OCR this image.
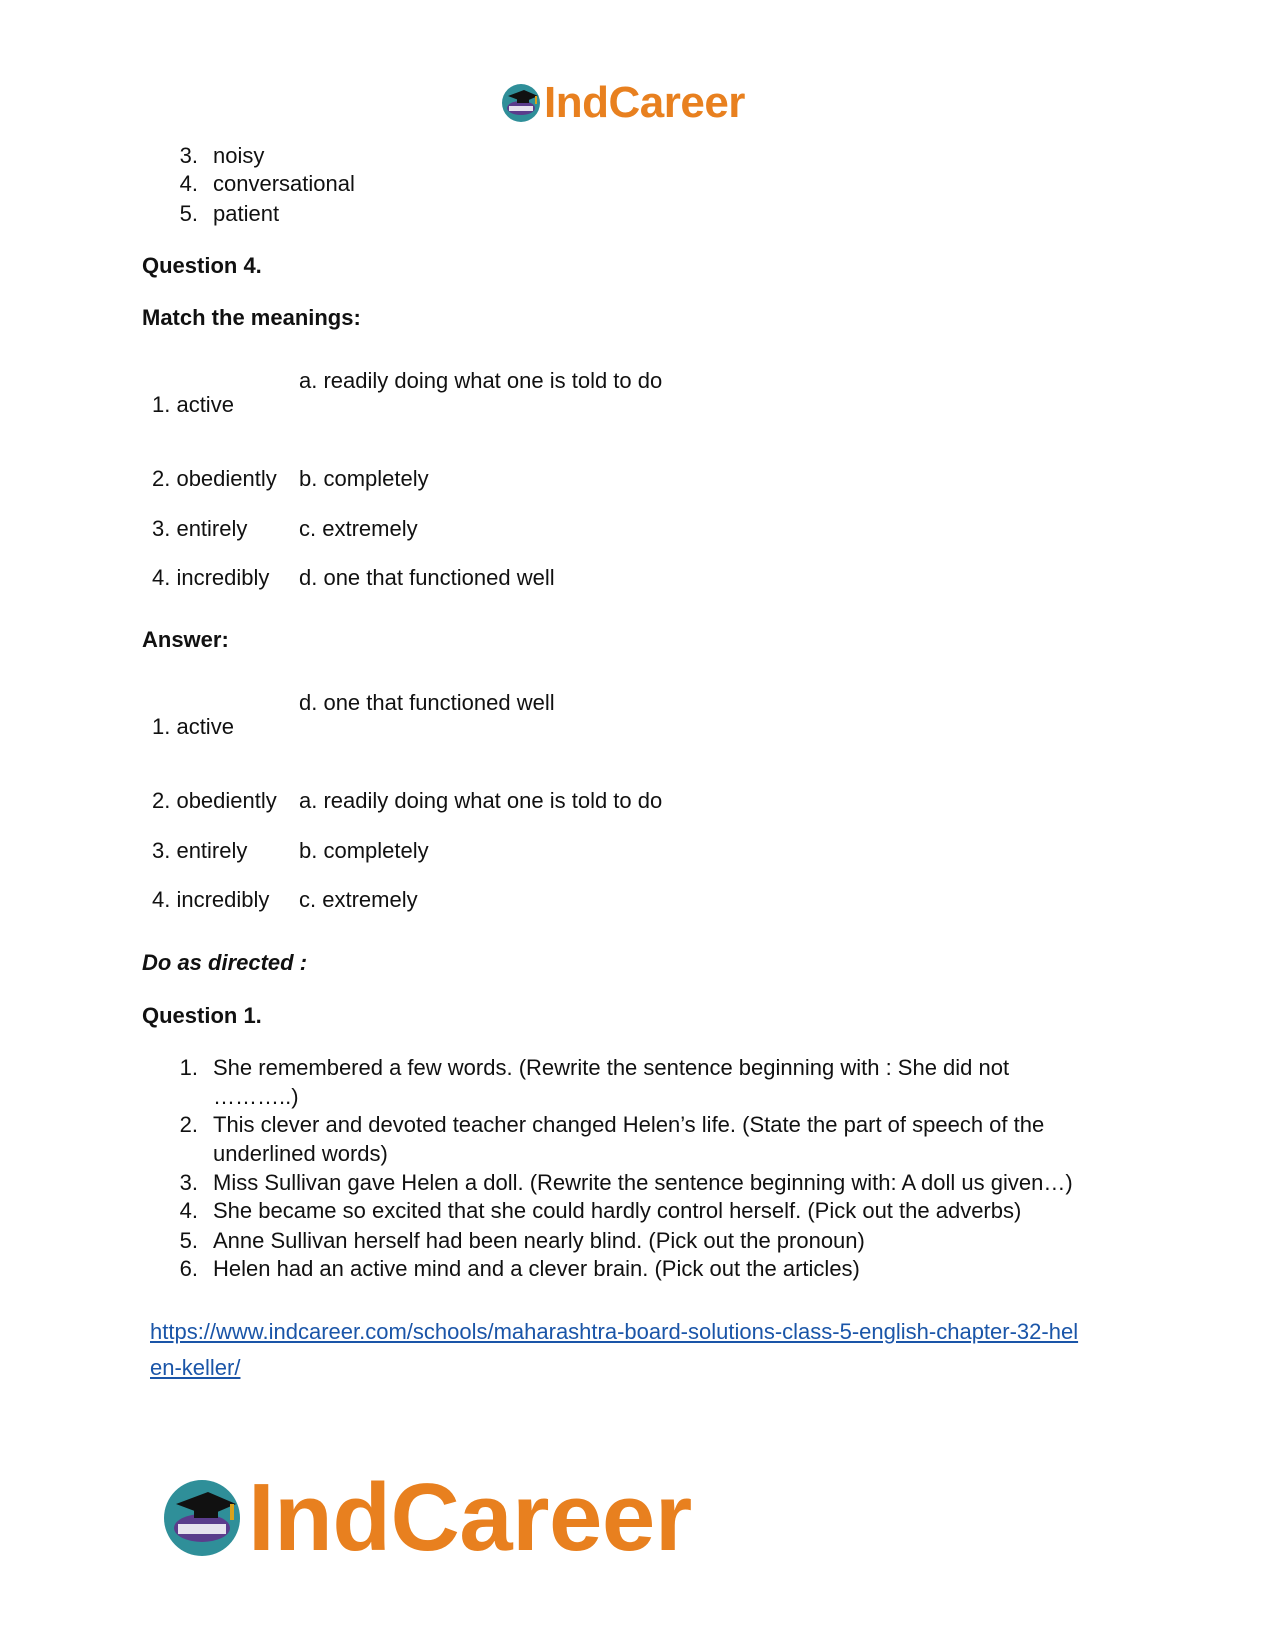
IndCareer
3. noisy
4. conversational
5. patient
Question 4.
Match the meanings:
a. readily doing what one is told to do
1. active
2. obediently b. completely
3. entirely c. extremely
4. incredibly d. one that functioned well
Answer:
d. one that functioned well
1. active
2. obediently a. readily doing what one is told to do
3. entirely b. completely
4. incredibly c. extremely
Do as directed :
Question 1.
1. She remembered a few words. (Rewrite the sentence beginning with : She did not
………..)
2. This clever and devoted teacher changed Helen’s life. (State the part of speech of the
underlined words)
3. Miss Sullivan gave Helen a doll. (Rewrite the sentence beginning with: A doll us given…)
4. She became so excited that she could hardly control herself. (Pick out the adverbs)
5. Anne Sullivan herself had been nearly blind. (Pick out the pronoun)
6. Helen had an active mind and a clever brain. (Pick out the articles)
https://www.indcareer.com/schools/maharashtra-board-solutions-class-5-english-chapter-32-hel
en-keller/
IndCareer
